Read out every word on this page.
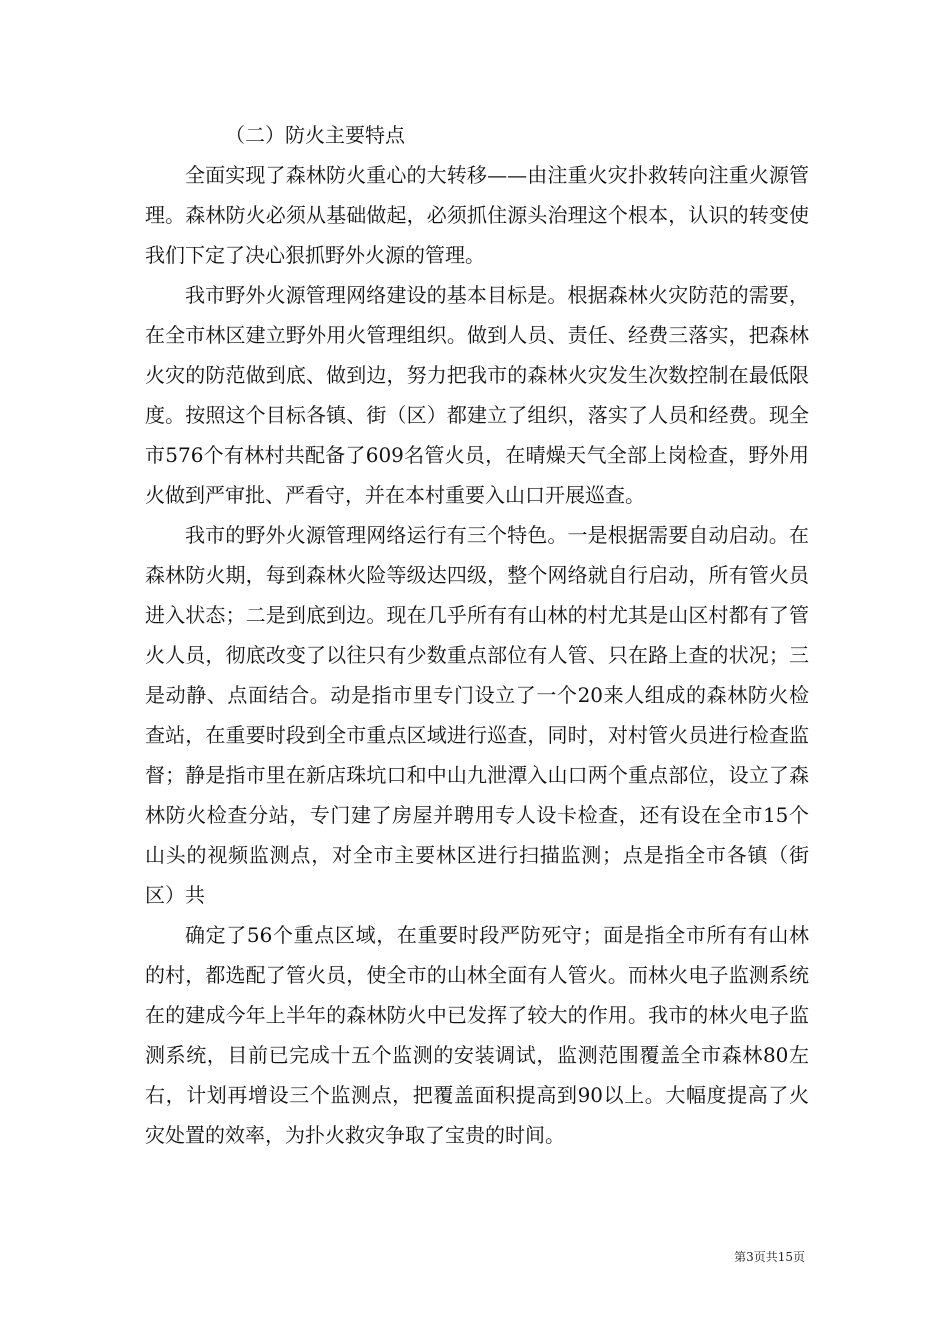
（二）防火主要特点

全面实现了森林防火重心的大转移——由注重火灾扑救转向注重火源管理。森林防火必须从基础做起，必须抓住源头治理这个根本，认识的转变使我们下定了决心狠抓野外火源的管理。

我市野外火源管理网络建设的基本目标是。根据森林火灾防范的需要，在全市林区建立野外用火管理组织。做到人员、责任、经费三落实，把森林火灾的防范做到底、做到边，努力把我市的森林火灾发生次数控制在最低限度。按照这个目标各镇、街（区）都建立了组织，落实了人员和经费。现全市576个有林村共配备了609名管火员，在晴燥天气全部上岗检查，野外用火做到严审批、严看守，并在本村重要入山口开展巡查。

我市的野外火源管理网络运行有三个特色。一是根据需要自动启动。在森林防火期，每到森林火险等级达四级，整个网络就自行启动，所有管火员进入状态；二是到底到边。现在几乎所有有山林的村尤其是山区村都有了管火人员，彻底改变了以往只有少数重点部位有人管、只在路上查的状况；三是动静、点面结合。动是指市里专门设立了一个20来人组成的森林防火检查站，在重要时段到全市重点区域进行巡查，同时，对村管火员进行检查监督；静是指市里在新店珠坑口和中山九泄潭入山口两个重点部位，设立了森林防火检查分站，专门建了房屋并聘用专人设卡检查，还有设在全市15个山头的视频监测点，对全市主要林区进行扫描监测；点是指全市各镇（街区）共

确定了56个重点区域，在重要时段严防死守；面是指全市所有有山林的村，都选配了管火员，使全市的山林全面有人管火。而林火电子监测系统在的建成今年上半年的森林防火中已发挥了较大的作用。我市的林火电子监测系统，目前已完成十五个监测的安装调试，监测范围覆盖全市森林80左右，计划再增设三个监测点，把覆盖面积提高到90以上。大幅度提高了火灾处置的效率，为扑火救灾争取了宝贵的时间。

第3页共15页
